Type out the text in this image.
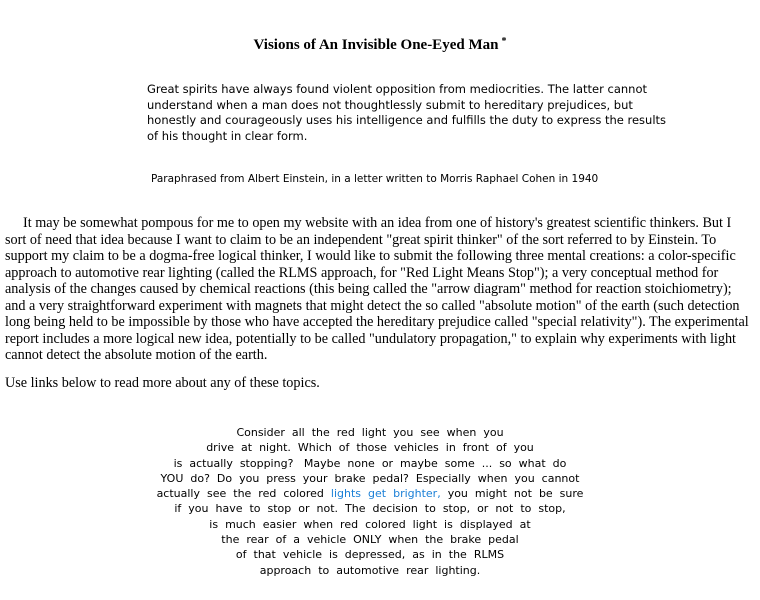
Visions of An Invisible One-Eyed Man *
Great spirits have always found violent opposition from mediocrities. The latter cannot
understand when a man does not thoughtlessly submit to hereditary prejudices, but
honestly and courageously uses his intelligence and fulfills the duty to express the results
of his thought in clear form.
Paraphrased from Albert Einstein, in a letter written to Morris Raphael Cohen in 1940
It may be somewhat pompous for me to open my website with an idea from one of history's greatest scientific thinkers. But I
sort of need that idea because I want to claim to be an independent "great spirit thinker" of the sort referred to by Einstein. To
support my claim to be a dogma-free logical thinker, I would like to submit the following three mental creations: a color-specific
approach to automotive rear lighting (called the RLMS approach, for "Red Light Means Stop"); a very conceptual method for
analysis of the changes caused by chemical reactions (this being called the "arrow diagram" method for reaction stoichiometry);
and a very straightforward experiment with magnets that might detect the so called "absolute motion" of the earth (such detection
long being held to be impossible by those who have accepted the hereditary prejudice called "special relativity"). The experimental
report includes a more logical new idea, potentially to be called "undulatory propagation," to explain why experiments with light
cannot detect the absolute motion of the earth.
Use links below to read more about any of these topics.
Consider  all  the  red  light  you  see  when  you
drive  at  night.  Which  of  those  vehicles  in  front  of  you
is  actually  stopping?   Maybe  none  or  maybe  some  ...  so  what  do
YOU  do?  Do  you  press  your  brake  pedal?  Especially  when  you  cannot
actually  see  the  red  colored  lights  get  brighter,  you  might  not  be  sure
if  you  have  to  stop  or  not.  The  decision  to  stop,  or  not  to  stop,
is  much  easier  when  red  colored  light  is  displayed  at
the  rear  of  a  vehicle  ONLY  when  the  brake  pedal
of  that  vehicle  is  depressed,  as  in  the  RLMS
approach  to  automotive  rear  lighting.
